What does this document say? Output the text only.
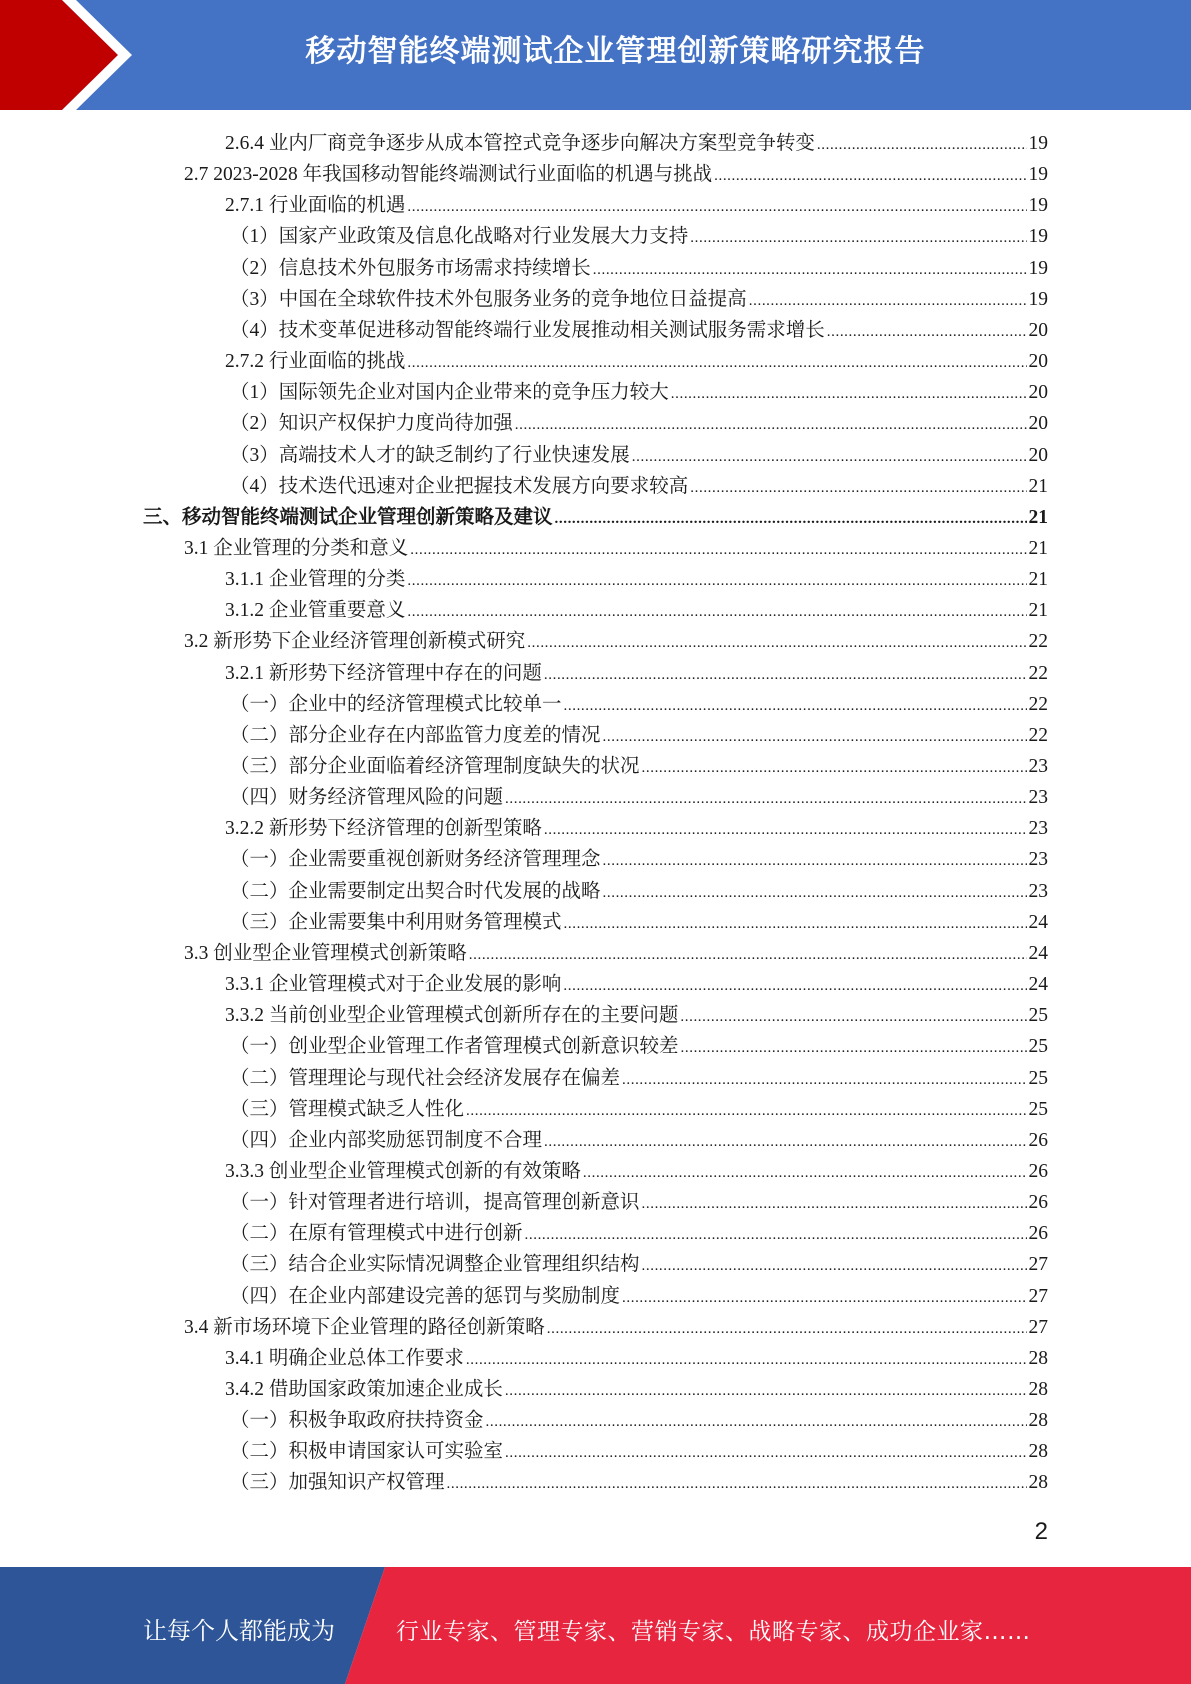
移动智能终端测试企业管理创新策略研究报告
2.6.4 业内厂商竞争逐步从成本管控式竞争逐步向解决方案型竞争转变 .....	19
2.7 2023-2028 年我国移动智能终端测试行业面临的机遇与挑战 .....	19
2.7.1 行业面临的机遇 .....	19
（1）国家产业政策及信息化战略对行业发展大力支持 .....	19
（2）信息技术外包服务市场需求持续增长 .....	19
（3）中国在全球软件技术外包服务业务的竞争地位日益提高 .....	19
（4）技术变革促进移动智能终端行业发展推动相关测试服务需求增长 .....	20
2.7.2 行业面临的挑战 .....	20
（1）国际领先企业对国内企业带来的竞争压力较大 .....	20
（2）知识产权保护力度尚待加强 .....	20
（3）高端技术人才的缺乏制约了行业快速发展 .....	20
（4）技术迭代迅速对企业把握技术发展方向要求较高 .....	21
三、移动智能终端测试企业管理创新策略及建议 .....	21
3.1 企业管理的分类和意义 .....	21
3.1.1 企业管理的分类 .....	21
3.1.2 企业管重要意义 .....	21
3.2 新形势下企业经济管理创新模式研究 .....	22
3.2.1 新形势下经济管理中存在的问题 .....	22
（一）企业中的经济管理模式比较单一 .....	22
（二）部分企业存在内部监管力度差的情况 .....	22
（三）部分企业面临着经济管理制度缺失的状况 .....	23
（四）财务经济管理风险的问题 .....	23
3.2.2 新形势下经济管理的创新型策略 .....	23
（一）企业需要重视创新财务经济管理理念 .....	23
（二）企业需要制定出契合时代发展的战略 .....	23
（三）企业需要集中利用财务管理模式 .....	24
3.3 创业型企业管理模式创新策略 .....	24
3.3.1 企业管理模式对于企业发展的影响 .....	24
3.3.2 当前创业型企业管理模式创新所存在的主要问题 .....	25
（一）创业型企业管理工作者管理模式创新意识较差 .....	25
（二）管理理论与现代社会经济发展存在偏差 .....	25
（三）管理模式缺乏人性化 .....	25
（四）企业内部奖励惩罚制度不合理 .....	26
3.3.3 创业型企业管理模式创新的有效策略 .....	26
（一）针对管理者进行培训，提高管理创新意识 .....	26
（二）在原有管理模式中进行创新 .....	26
（三）结合企业实际情况调整企业管理组织结构 .....	27
（四）在企业内部建设完善的惩罚与奖励制度 .....	27
3.4 新市场环境下企业管理的路径创新策略 .....	27
3.4.1 明确企业总体工作要求 .....	28
3.4.2 借助国家政策加速企业成长 .....	28
（一）积极争取政府扶持资金 .....	28
（二）积极申请国家认可实验室 .....	28
（三）加强知识产权管理 .....	28
2
让每个人都能成为	行业专家、管理专家、营销专家、战略专家、成功企业家……
